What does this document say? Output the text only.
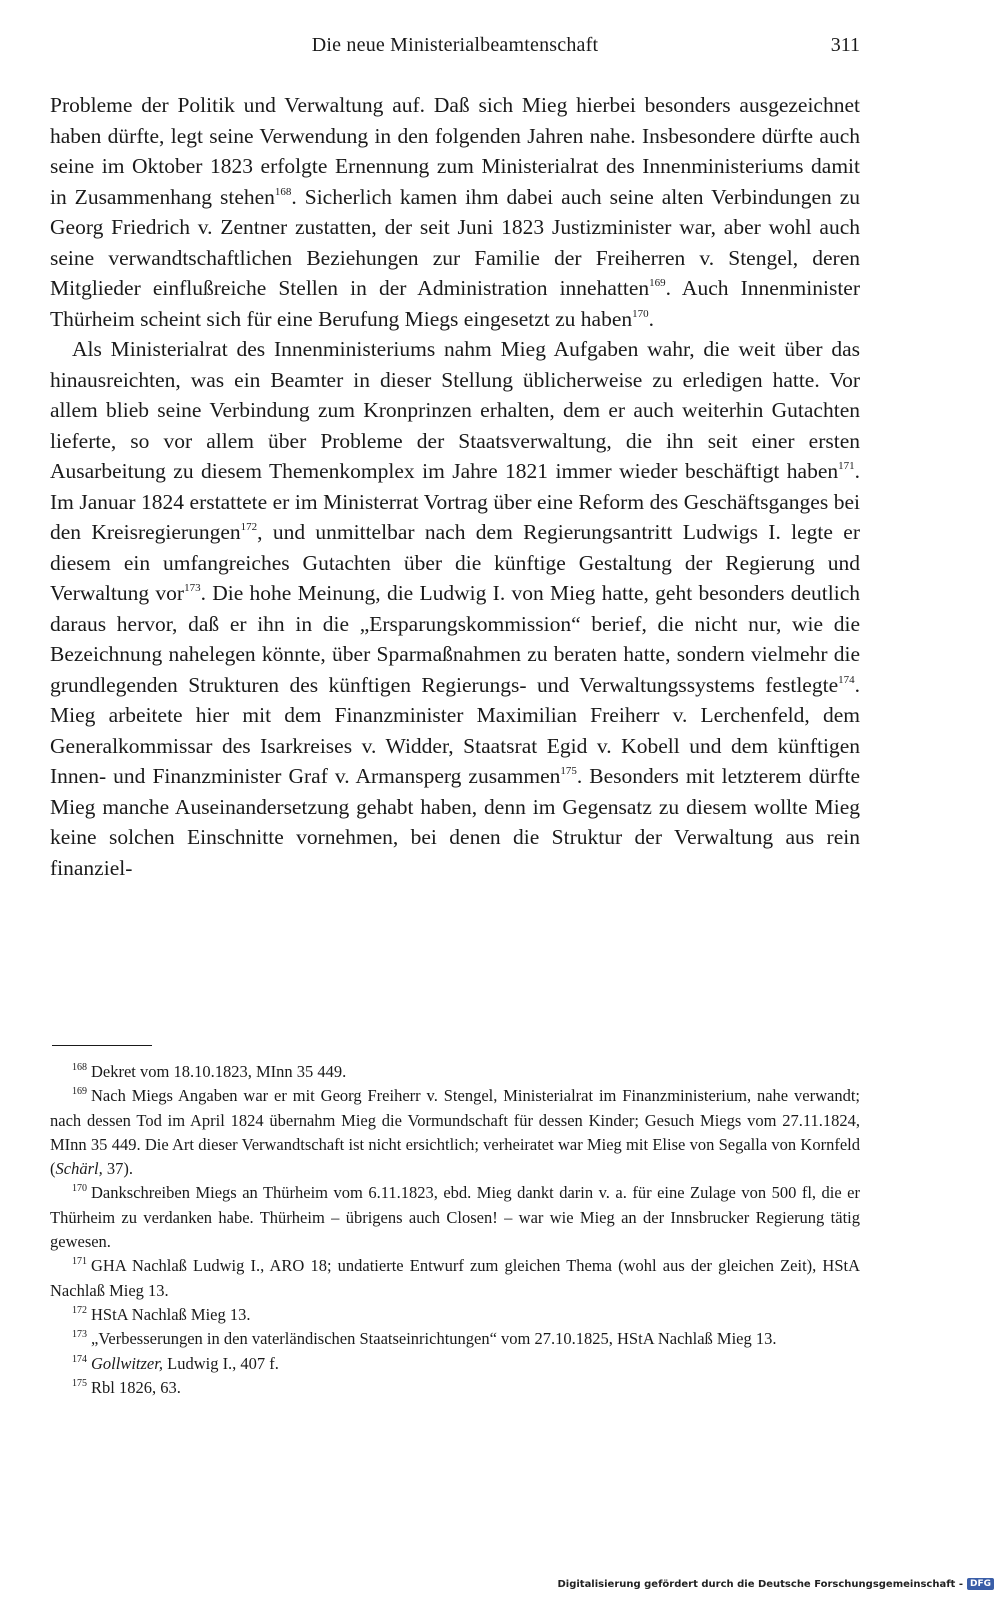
Die neue Ministerialbeamtenschaft	311

Probleme der Politik und Verwaltung auf. Daß sich Mieg hierbei besonders ausgezeichnet haben dürfte, legt seine Verwendung in den folgenden Jahren nahe. Insbesondere dürfte auch seine im Oktober 1823 erfolgte Ernennung zum Ministerialrat des Innenministeriums damit in Zusammenhang stehen$^{168}$. Sicherlich kamen ihm dabei auch seine alten Verbindungen zu Georg Friedrich v. Zentner zustatten, der seit Juni 1823 Justizminister war, aber wohl auch seine verwandtschaftlichen Beziehungen zur Familie der Freiherren v. Stengel, deren Mitglieder einflußreiche Stellen in der Administration innehatten$^{169}$. Auch Innenminister Thürheim scheint sich für eine Berufung Miegs eingesetzt zu haben$^{170}$.

Als Ministerialrat des Innenministeriums nahm Mieg Aufgaben wahr, die weit über das hinausreichten, was ein Beamter in dieser Stellung üblicherweise zu erledigen hatte. Vor allem blieb seine Verbindung zum Kronprinzen erhalten, dem er auch weiterhin Gutachten lieferte, so vor allem über Probleme der Staatsverwaltung, die ihn seit einer ersten Ausarbeitung zu diesem Themenkomplex im Jahre 1821 immer wieder beschäftigt haben$^{171}$. Im Januar 1824 erstattete er im Ministerrat Vortrag über eine Reform des Geschäftsganges bei den Kreisregierungen$^{172}$, und unmittelbar nach dem Regierungsantritt Ludwigs I. legte er diesem ein umfangreiches Gutachten über die künftige Gestaltung der Regierung und Verwaltung vor$^{173}$. Die hohe Meinung, die Ludwig I. von Mieg hatte, geht besonders deutlich daraus hervor, daß er ihn in die „Ersparungskommission“ berief, die nicht nur, wie die Bezeichnung nahelegen könnte, über Sparmaßnahmen zu beraten hatte, sondern vielmehr die grundlegenden Strukturen des künftigen Regierungs- und Verwaltungssystems festlegte$^{174}$. Mieg arbeitete hier mit dem Finanzminister Maximilian Freiherr v. Lerchenfeld, dem Generalkommissar des Isarkreises v. Widder, Staatsrat Egid v. Kobell und dem künftigen Innen- und Finanzminister Graf v. Armansperg zusammen$^{175}$. Besonders mit letzterem dürfte Mieg manche Auseinandersetzung gehabt haben, denn im Gegensatz zu diesem wollte Mieg keine solchen Einschnitte vornehmen, bei denen die Struktur der Verwaltung aus rein finanziel-

$^{168}$ Dekret vom 18.10.1823, MInn 35 449.

$^{169}$ Nach Miegs Angaben war er mit Georg Freiherr v. Stengel, Ministerialrat im Finanzministerium, nahe verwandt; nach dessen Tod im April 1824 übernahm Mieg die Vormundschaft für dessen Kinder; Gesuch Miegs vom 27.11.1824, MInn 35 449. Die Art dieser Verwandtschaft ist nicht ersichtlich; verheiratet war Mieg mit Elise von Segalla von Kornfeld (Schärl, 37).

$^{170}$ Dankschreiben Miegs an Thürheim vom 6.11.1823, ebd. Mieg dankt darin v. a. für eine Zulage von 500 fl, die er Thürheim zu verdanken habe. Thürheim – übrigens auch Closen! – war wie Mieg an der Innsbrucker Regierung tätig gewesen.

$^{171}$ GHA Nachlaß Ludwig I., ARO 18; undatierte Entwurf zum gleichen Thema (wohl aus der gleichen Zeit), HStA Nachlaß Mieg 13.

$^{172}$ HStA Nachlaß Mieg 13.

$^{173}$ „Verbesserungen in den vaterländischen Staatseinrichtungen“ vom 27.10.1825, HStA Nachlaß Mieg 13.

$^{174}$ Gollwitzer, Ludwig I., 407 f.

$^{175}$ Rbl 1826, 63.

Digitalisierung gefördert durch die Deutsche Forschungsgemeinschaft - DFG
